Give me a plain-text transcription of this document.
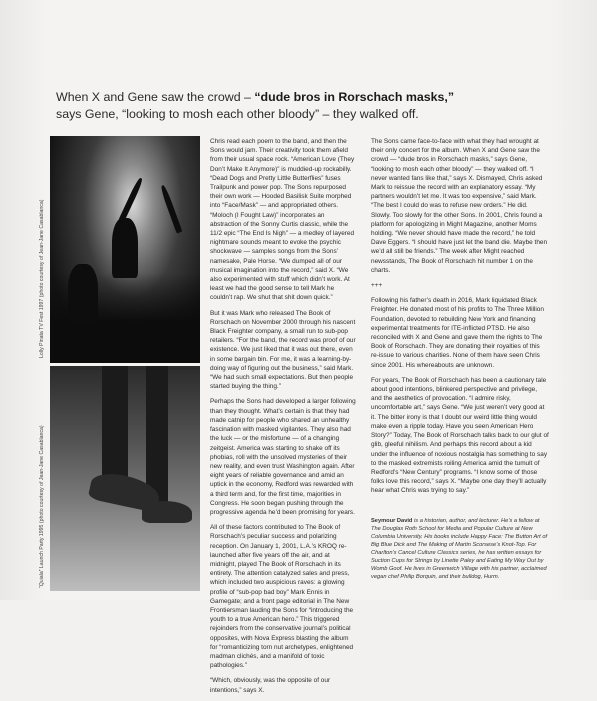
When X and Gene saw the crowd – “dude bros in Rorschach masks,”
says Gene, “looking to mosh each other bloody” – they walked off.
Lolly Pinata TV Fest 1997 (photo courtesy of Jean-Jane Casablanca)
“Quiala” Launch Party 1995 (photo courtesy of Jean-Jane Casablanca)

Chris read each poem to the band, and then the Sons would jam. Their creativity took them afield from their usual space rock. “American Love (They Don’t Make It Anymore)” is muddied-up rockabilly. “Dead Dogs and Pretty Little Butterflies” fuses Trailpunk and power pop. The Sons repurposed their own work — Hooded Basilisk Suite morphed into “Face/Mask” — and appropriated others. “Moloch (I Fought Law)” incorporates an abstraction of the Sonny Curtis classic, while the 11/2 epic “The End Is Nigh” — a medley of layered nightmare sounds meant to evoke the psychic shockwave — samples songs from the Sons’ namesake, Pale Horse. “We dumped all of our musical imagination into the record,” said X. “We also experimented with stuff which didn’t work. At least we had the good sense to tell Mark he couldn’t rap. We shut that shit down quick.”

But it was Mark who released The Book of Rorschach on November 2000 through his nascent Black Freighter company, a small run to sub-pop retailers. “For the band, the record was proof of our existence. We just liked that it was out there, even in some bargain bin. For me, it was a learning-by-doing way of figuring out the business,” said Mark. “We had such small expectations. But then people started buying the thing.”

Perhaps the Sons had developed a larger following than they thought. What’s certain is that they had made catnip for people who shared an unhealthy fascination with masked vigilantes. They also had the luck — or the misfortune — of a changing zeitgeist. America was starting to shake off its phobias, roll with the unsolved mysteries of their new reality, and even trust Washington again. After eight years of reliable governance and amid an uptick in the economy, Redford was rewarded with a third term and, for the first time, majorities in Congress. He soon began pushing through the progressive agenda he’d been promising for years.

All of these factors contributed to The Book of Rorschach’s peculiar success and polarizing reception. On January 1, 2001, L.A.’s KROQ re-launched after five years off the air, and at midnight, played The Book of Rorschach in its entirety. The attention catalyzed sales and press, which included two auspicious raves: a glowing profile of “sub-pop bad boy” Mark Ennis in Gamegate; and a front page editorial in The New Frontiersman lauding the Sons for “introducing the youth to a true American hero.” This triggered rejoinders from the conservative journal’s political opposites, with Nova Express blasting the album for “romanticizing torn nut archetypes, enlightened madman clichés, and a manifold of toxic pathologies.”

“Which, obviously, was the opposite of our intentions,” says X.

The Sons came face-to-face with what they had wrought at their only concert for the album. When X and Gene saw the crowd — “dude bros in Rorschach masks,” says Gene, “looking to mosh each other bloody” — they walked off. “I never wanted fans like that,” says X. Dismayed, Chris asked Mark to reissue the record with an explanatory essay. “My partners wouldn’t let me. It was too expensive,” said Mark. “The best I could do was to refuse new orders.” He did. Slowly. Too slowly for the other Sons. In 2001, Chris found a platform for apologizing in Might Magazine, another Moms holding. “We never should have made the record,” he told Dave Eggers. “I should have just let the band die. Maybe then we’d all still be friends.” The week after Might reached newsstands, The Book of Rorschach hit number 1 on the charts.

+++

Following his father’s death in 2016, Mark liquidated Black Freighter. He donated most of his profits to The Three Million Foundation, devoted to rebuilding New York and financing experimental treatments for ITE-inflicted PTSD. He also reconciled with X and Gene and gave them the rights to The Book of Rorschach. They are donating their royalties of this re-issue to various charities. None of them have seen Chris since 2001. His whereabouts are unknown.

For years, The Book of Rorschach has been a cautionary tale about good intentions, blinkered perspective and privilege, and the aesthetics of provocation. “I admire risky, uncomfortable art,” says Gene. “We just weren’t very good at it. The bitter irony is that I doubt our weird little thing would make even a ripple today. Have you seen American Hero Story?” Today, The Book of Rorschach talks back to our glut of glib, gleeful nihilism. And perhaps this record about a kid under the influence of noxious nostalgia has something to say to the masked extremists roiling America amid the tumult of Redford’s “New Century” programs. “I know some of those folks love this record,” says X. “Maybe one day they’ll actually hear what Chris was trying to say.”

Seymour David is a historian, author, and lecturer. He’s a fellow at The Douglas Roth School for Media and Popular Culture at New Columbia University. His books include Happy Face: The Button Art of Big Blue Dick and The Making of Martin Scorsese’s Knot-Top. For Charlton’s Cancel Culture Classics series, he has written essays for Suction Cups for Strings by Linette Paley and Eating My Way Out by Womb Goof. He lives in Greenwich Village with his partner, acclaimed vegan chef Philip Borquin, and their bulldog, Hurm.
